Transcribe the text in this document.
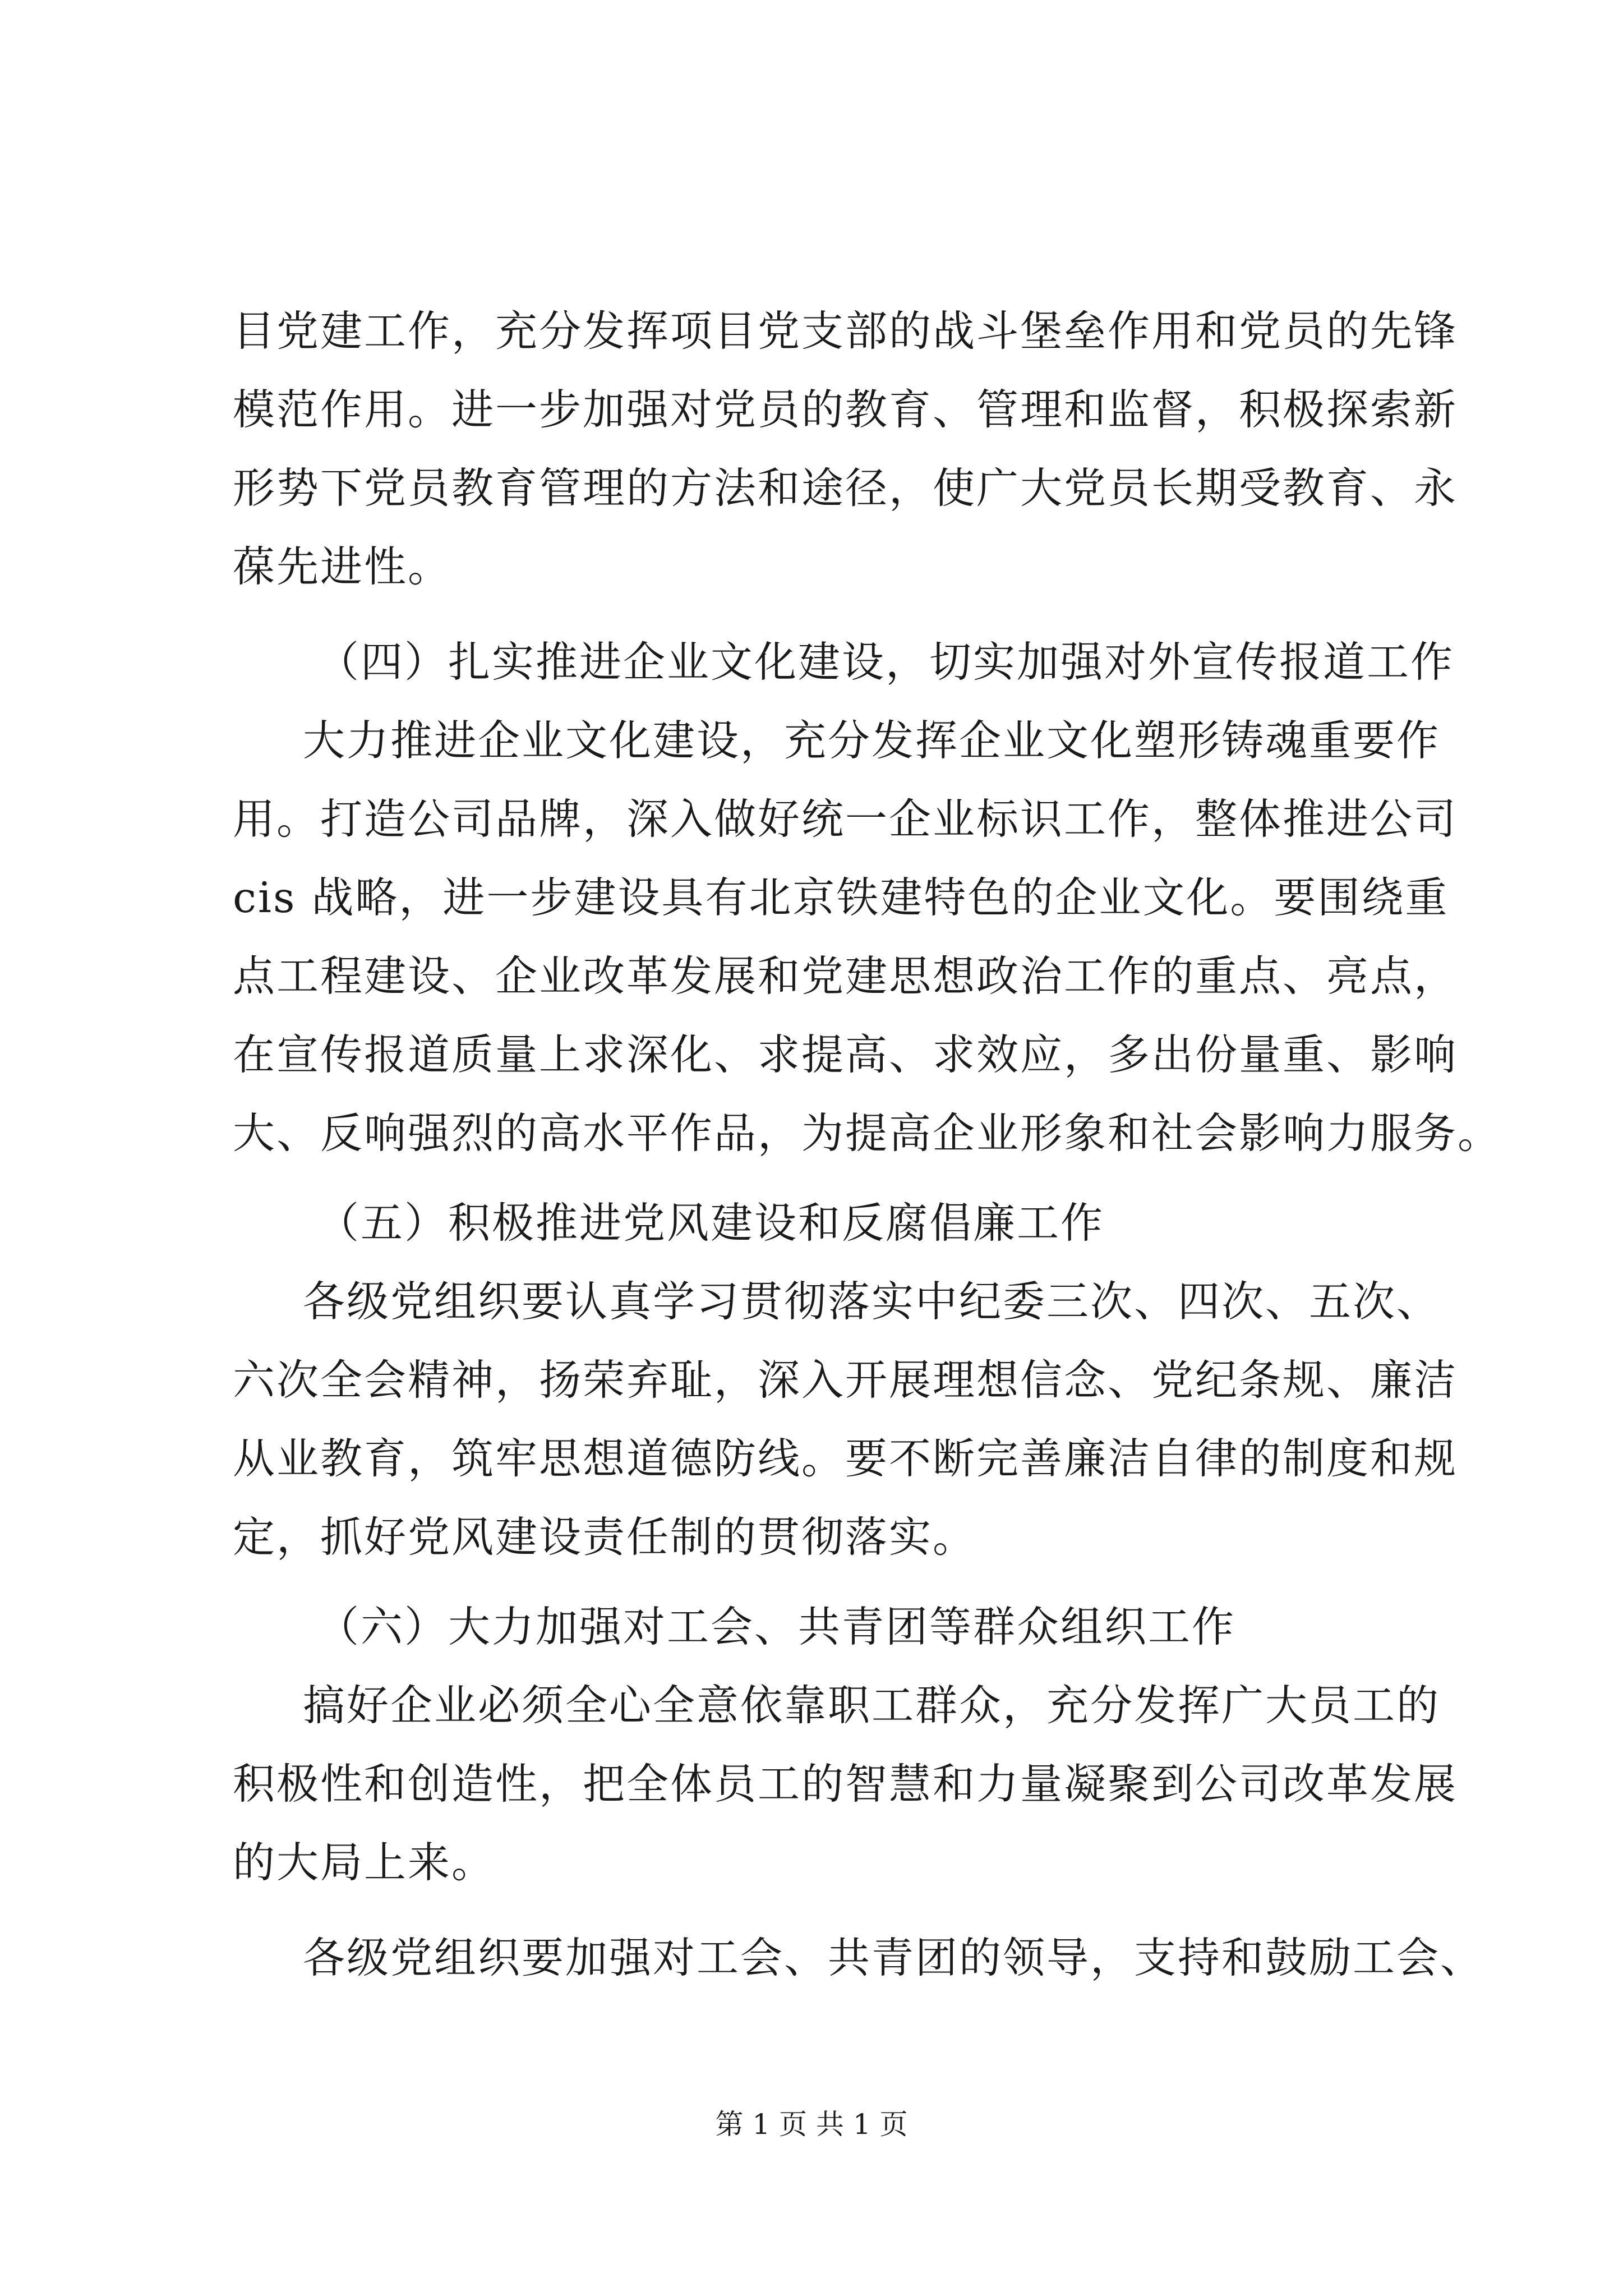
目党建工作，充分发挥项目党支部的战斗堡垒作用和党员的先锋
模范作用。进一步加强对党员的教育、管理和监督，积极探索新
形势下党员教育管理的方法和途径，使广大党员长期受教育、永
葆先进性。
（四）扎实推进企业文化建设，切实加强对外宣传报道工作
大力推进企业文化建设，充分发挥企业文化塑形铸魂重要作
用。打造公司品牌，深入做好统一企业标识工作，整体推进公司
cis 战略，进一步建设具有北京铁建特色的企业文化。要围绕重
点工程建设、企业改革发展和党建思想政治工作的重点、亮点，
在宣传报道质量上求深化、求提高、求效应，多出份量重、影响
大、反响强烈的高水平作品，为提高企业形象和社会影响力服务。
（五）积极推进党风建设和反腐倡廉工作
各级党组织要认真学习贯彻落实中纪委三次、四次、五次、
六次全会精神，扬荣弃耻，深入开展理想信念、党纪条规、廉洁
从业教育，筑牢思想道德防线。要不断完善廉洁自律的制度和规
定，抓好党风建设责任制的贯彻落实。
（六）大力加强对工会、共青团等群众组织工作
搞好企业必须全心全意依靠职工群众，充分发挥广大员工的
积极性和创造性，把全体员工的智慧和力量凝聚到公司改革发展
的大局上来。
各级党组织要加强对工会、共青团的领导，支持和鼓励工会、
第 1 页 共 1 页
